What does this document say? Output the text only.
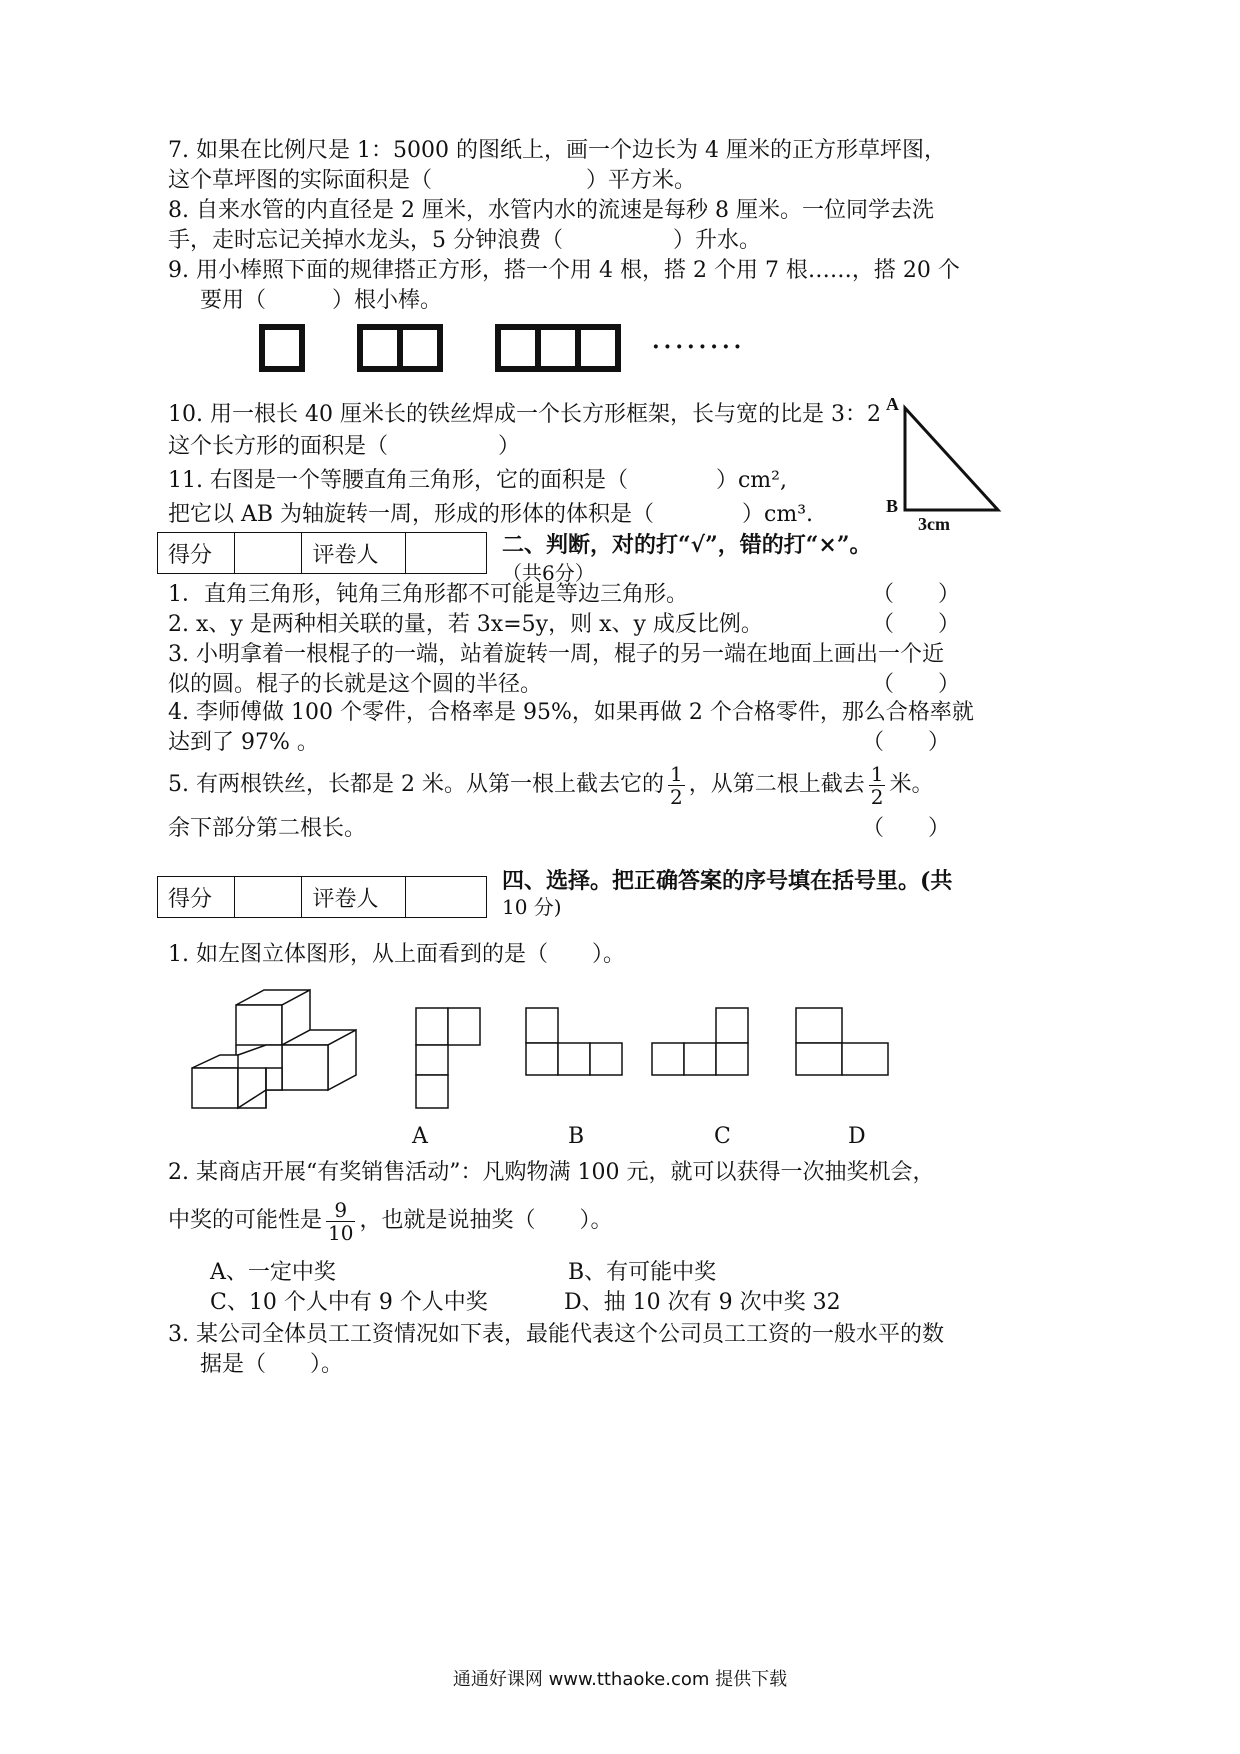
7. 如果在比例尺是 1：5000 的图纸上，画一个边长为 4 厘米的正方形草坪图，
这个草坪图的实际面积是（　　　　　　　）平方米。
8. 自来水管的内直径是 2 厘米，水管内水的流速是每秒 8 厘米。一位同学去洗
手，走时忘记关掉水龙头，5 分钟浪费（　　　　　）升水。
9. 用小棒照下面的规律搭正方形，搭一个用 4 根，搭 2 个用 7 根……，搭 20 个
要用（　　　）根小棒。
········
10. 用一根长 40 厘米长的铁丝焊成一个长方形框架，长与宽的比是 3：2
这个长方形的面积是（　　　　　）
11. 右图是一个等腰直角三角形，它的面积是（　　　　）cm²,
把它以 AB 为轴旋转一周，形成的形体的体积是（　　　　）cm³.
A
B
3cm
得分		评卷人		二、判断，对的打“√”，错的打“×”。
（共6分）
1．直角三角形，钝角三角形都不可能是等边三角形。	（　　）
2. x、y 是两种相关联的量，若 3x=5y，则 x、y 成反比例。	（　　）
3. 小明拿着一根棍子的一端，站着旋转一周，棍子的另一端在地面上画出一个近
似的圆。棍子的长就是这个圆的半径。	（　　）
4. 李师傅做 100 个零件，合格率是 95%，如果再做 2 个合格零件，那么合格率就
达到了 97% 。	（　　）
5. 有两根铁丝，长都是 2 米。从第一根上截去它的 $\frac{1}{2}$ ，从第二根上截去 $\frac{1}{2}$ 米。
余下部分第二根长。	（　　）
得分		评卷人	
四、选择。把正确答案的序号填在括号里。(共
10 分)
1. 如左图立体图形，从上面看到的是（　　）。
A	B	C	D
2. 某商店开展“有奖销售活动”：凡购物满 100 元，就可以获得一次抽奖机会，
中奖的可能性是 $\frac{9}{10}$ ，也就是说抽奖（　　）。
A、一定中奖	B、有可能中奖
C、10 个人中有 9 个人中奖	D、抽 10 次有 9 次中奖 32
3. 某公司全体员工工资情况如下表，最能代表这个公司员工工资的一般水平的数
据是（　　）。
通通好课网 www.tthaoke.com 提供下载
